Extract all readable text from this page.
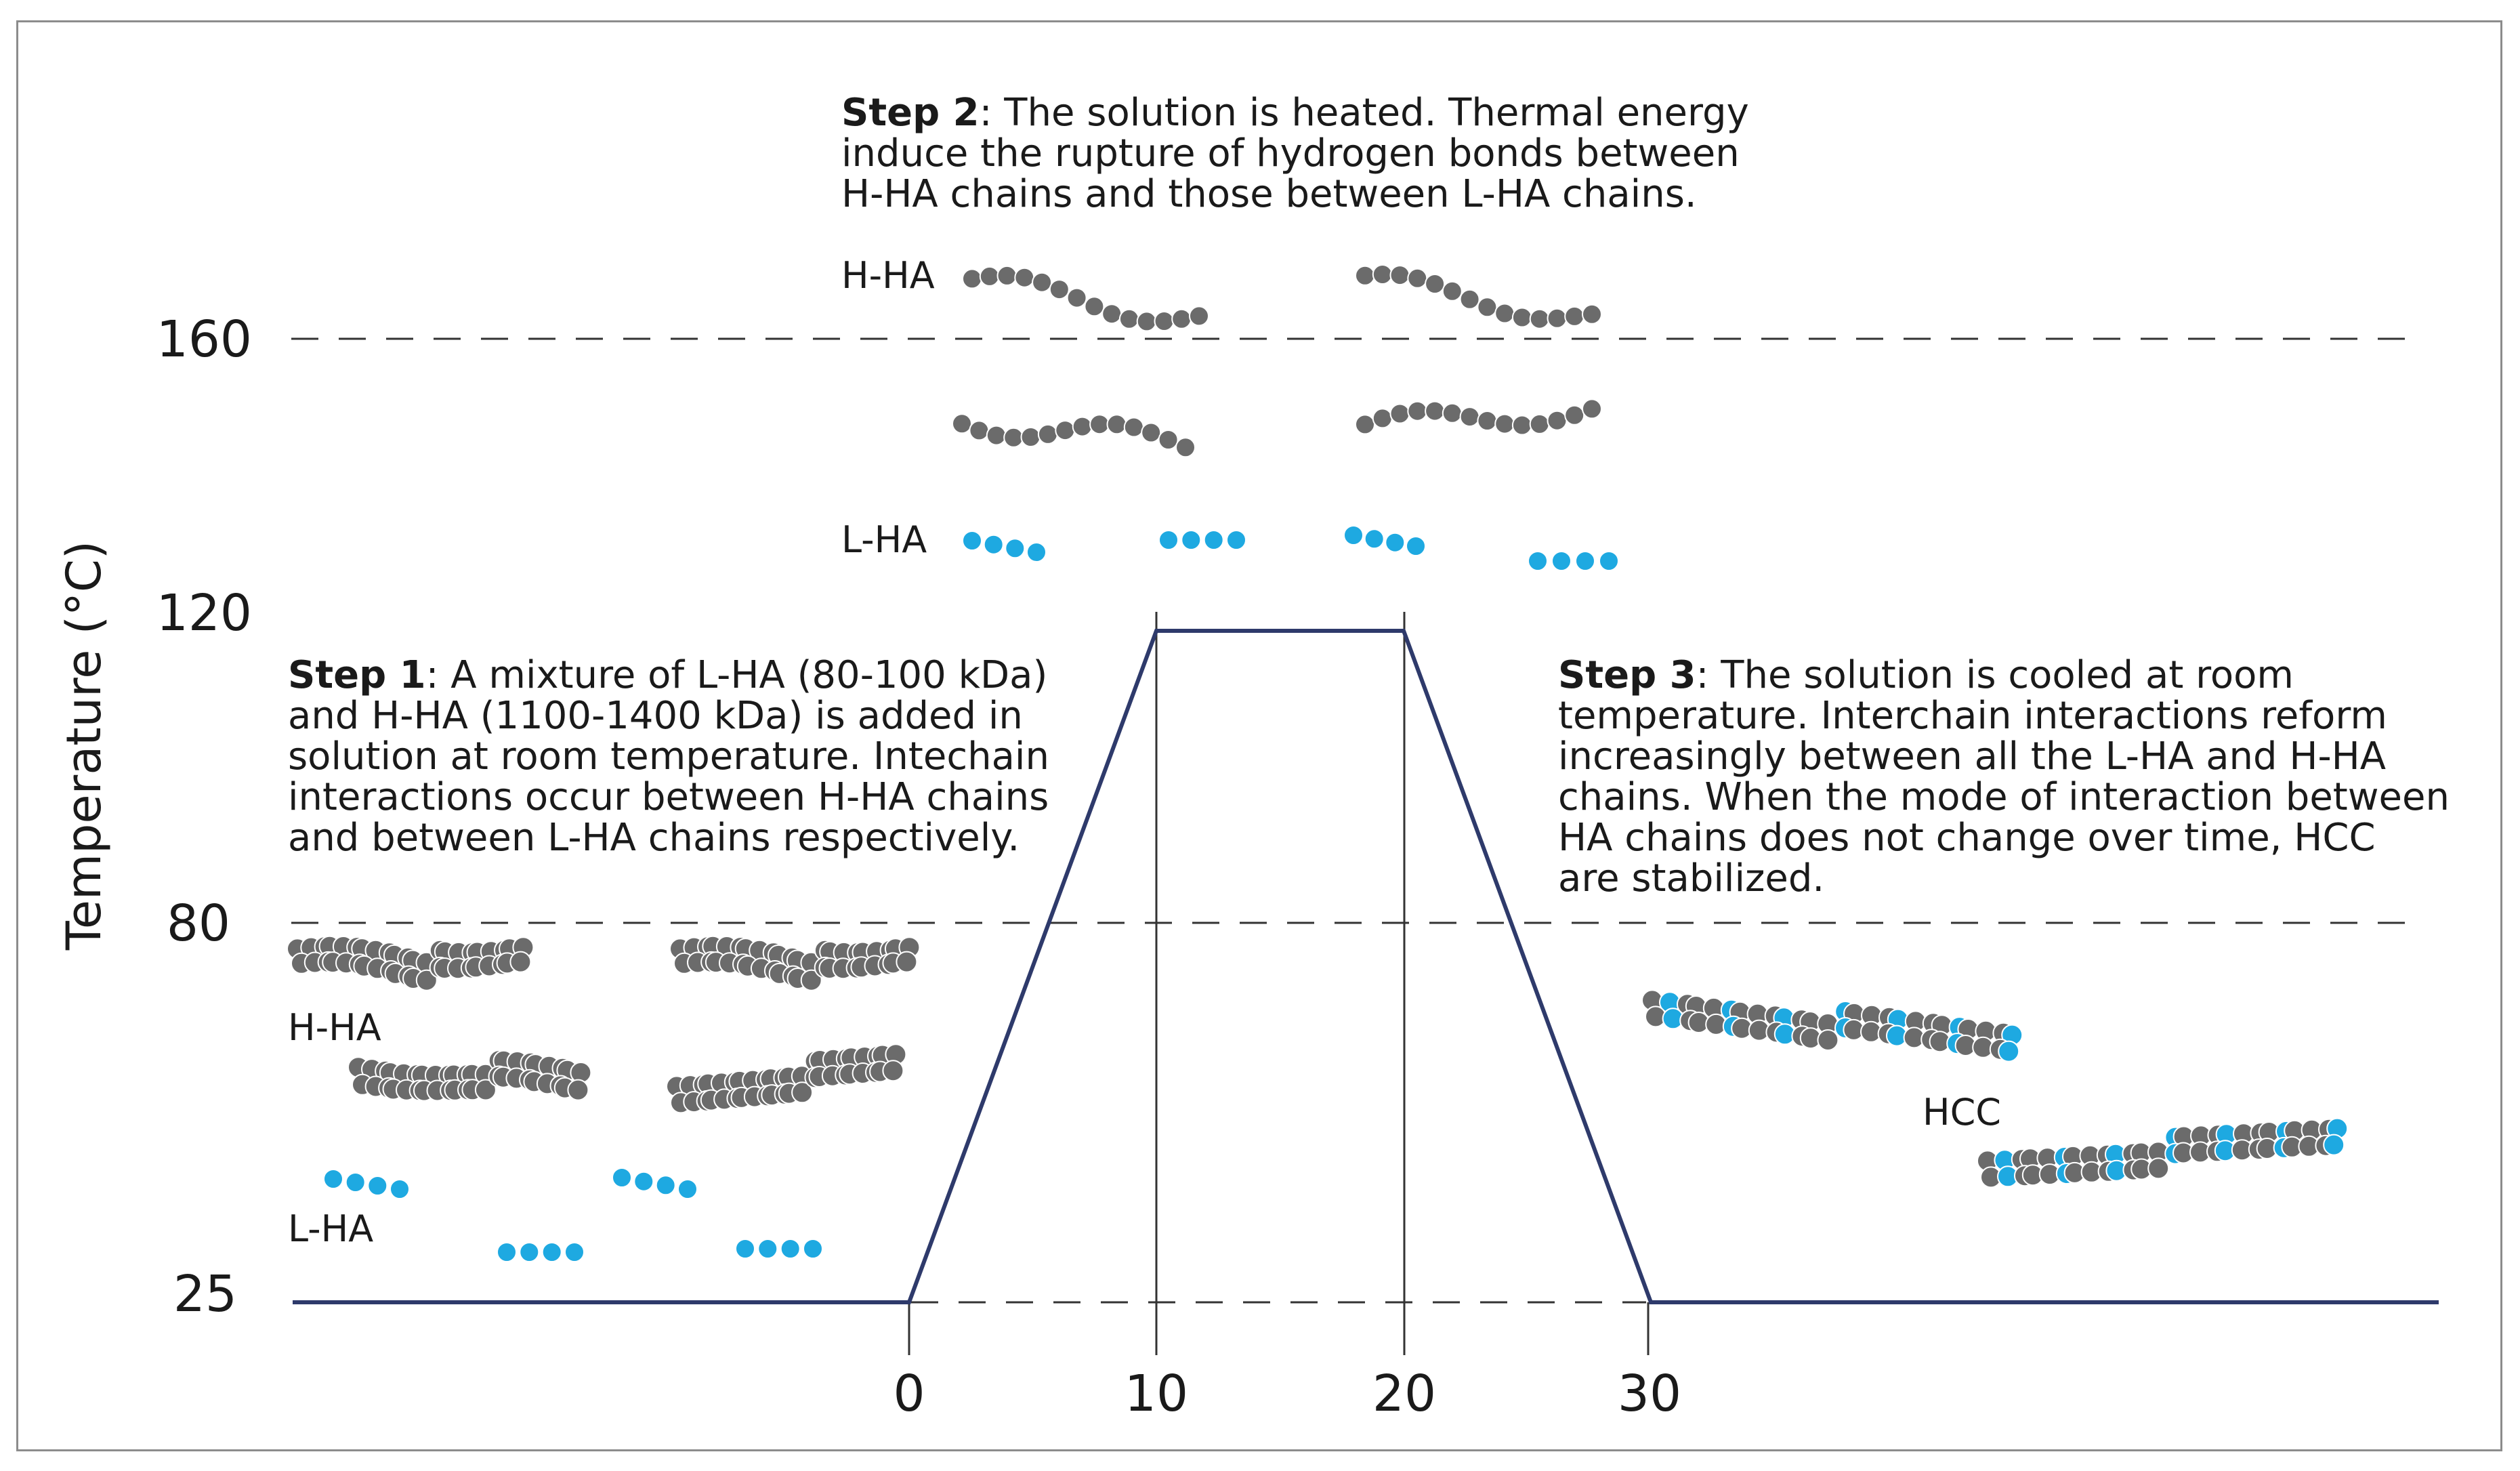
160
120
80
25
Temperature (°C)
0	10	20	30
Step 2: The solution is heated. Thermal energy induce the rupture of hydrogen bonds between H-HA chains and those between L-HA chains.
Step 1: A mixture of L-HA (80-100 kDa) and H-HA (1100-1400 kDa) is added in solution at room temperature. Intechain interactions occur between H-HA chains and between L-HA chains respectively.
Step 3: The solution is cooled at room temperature. Interchain interactions reform increasingly between all the L-HA and H-HA chains. When the mode of interaction between HA chains does not change over time, HCC are stabilized.
H-HA
L-HA
H-HA
L-HA
HCC
